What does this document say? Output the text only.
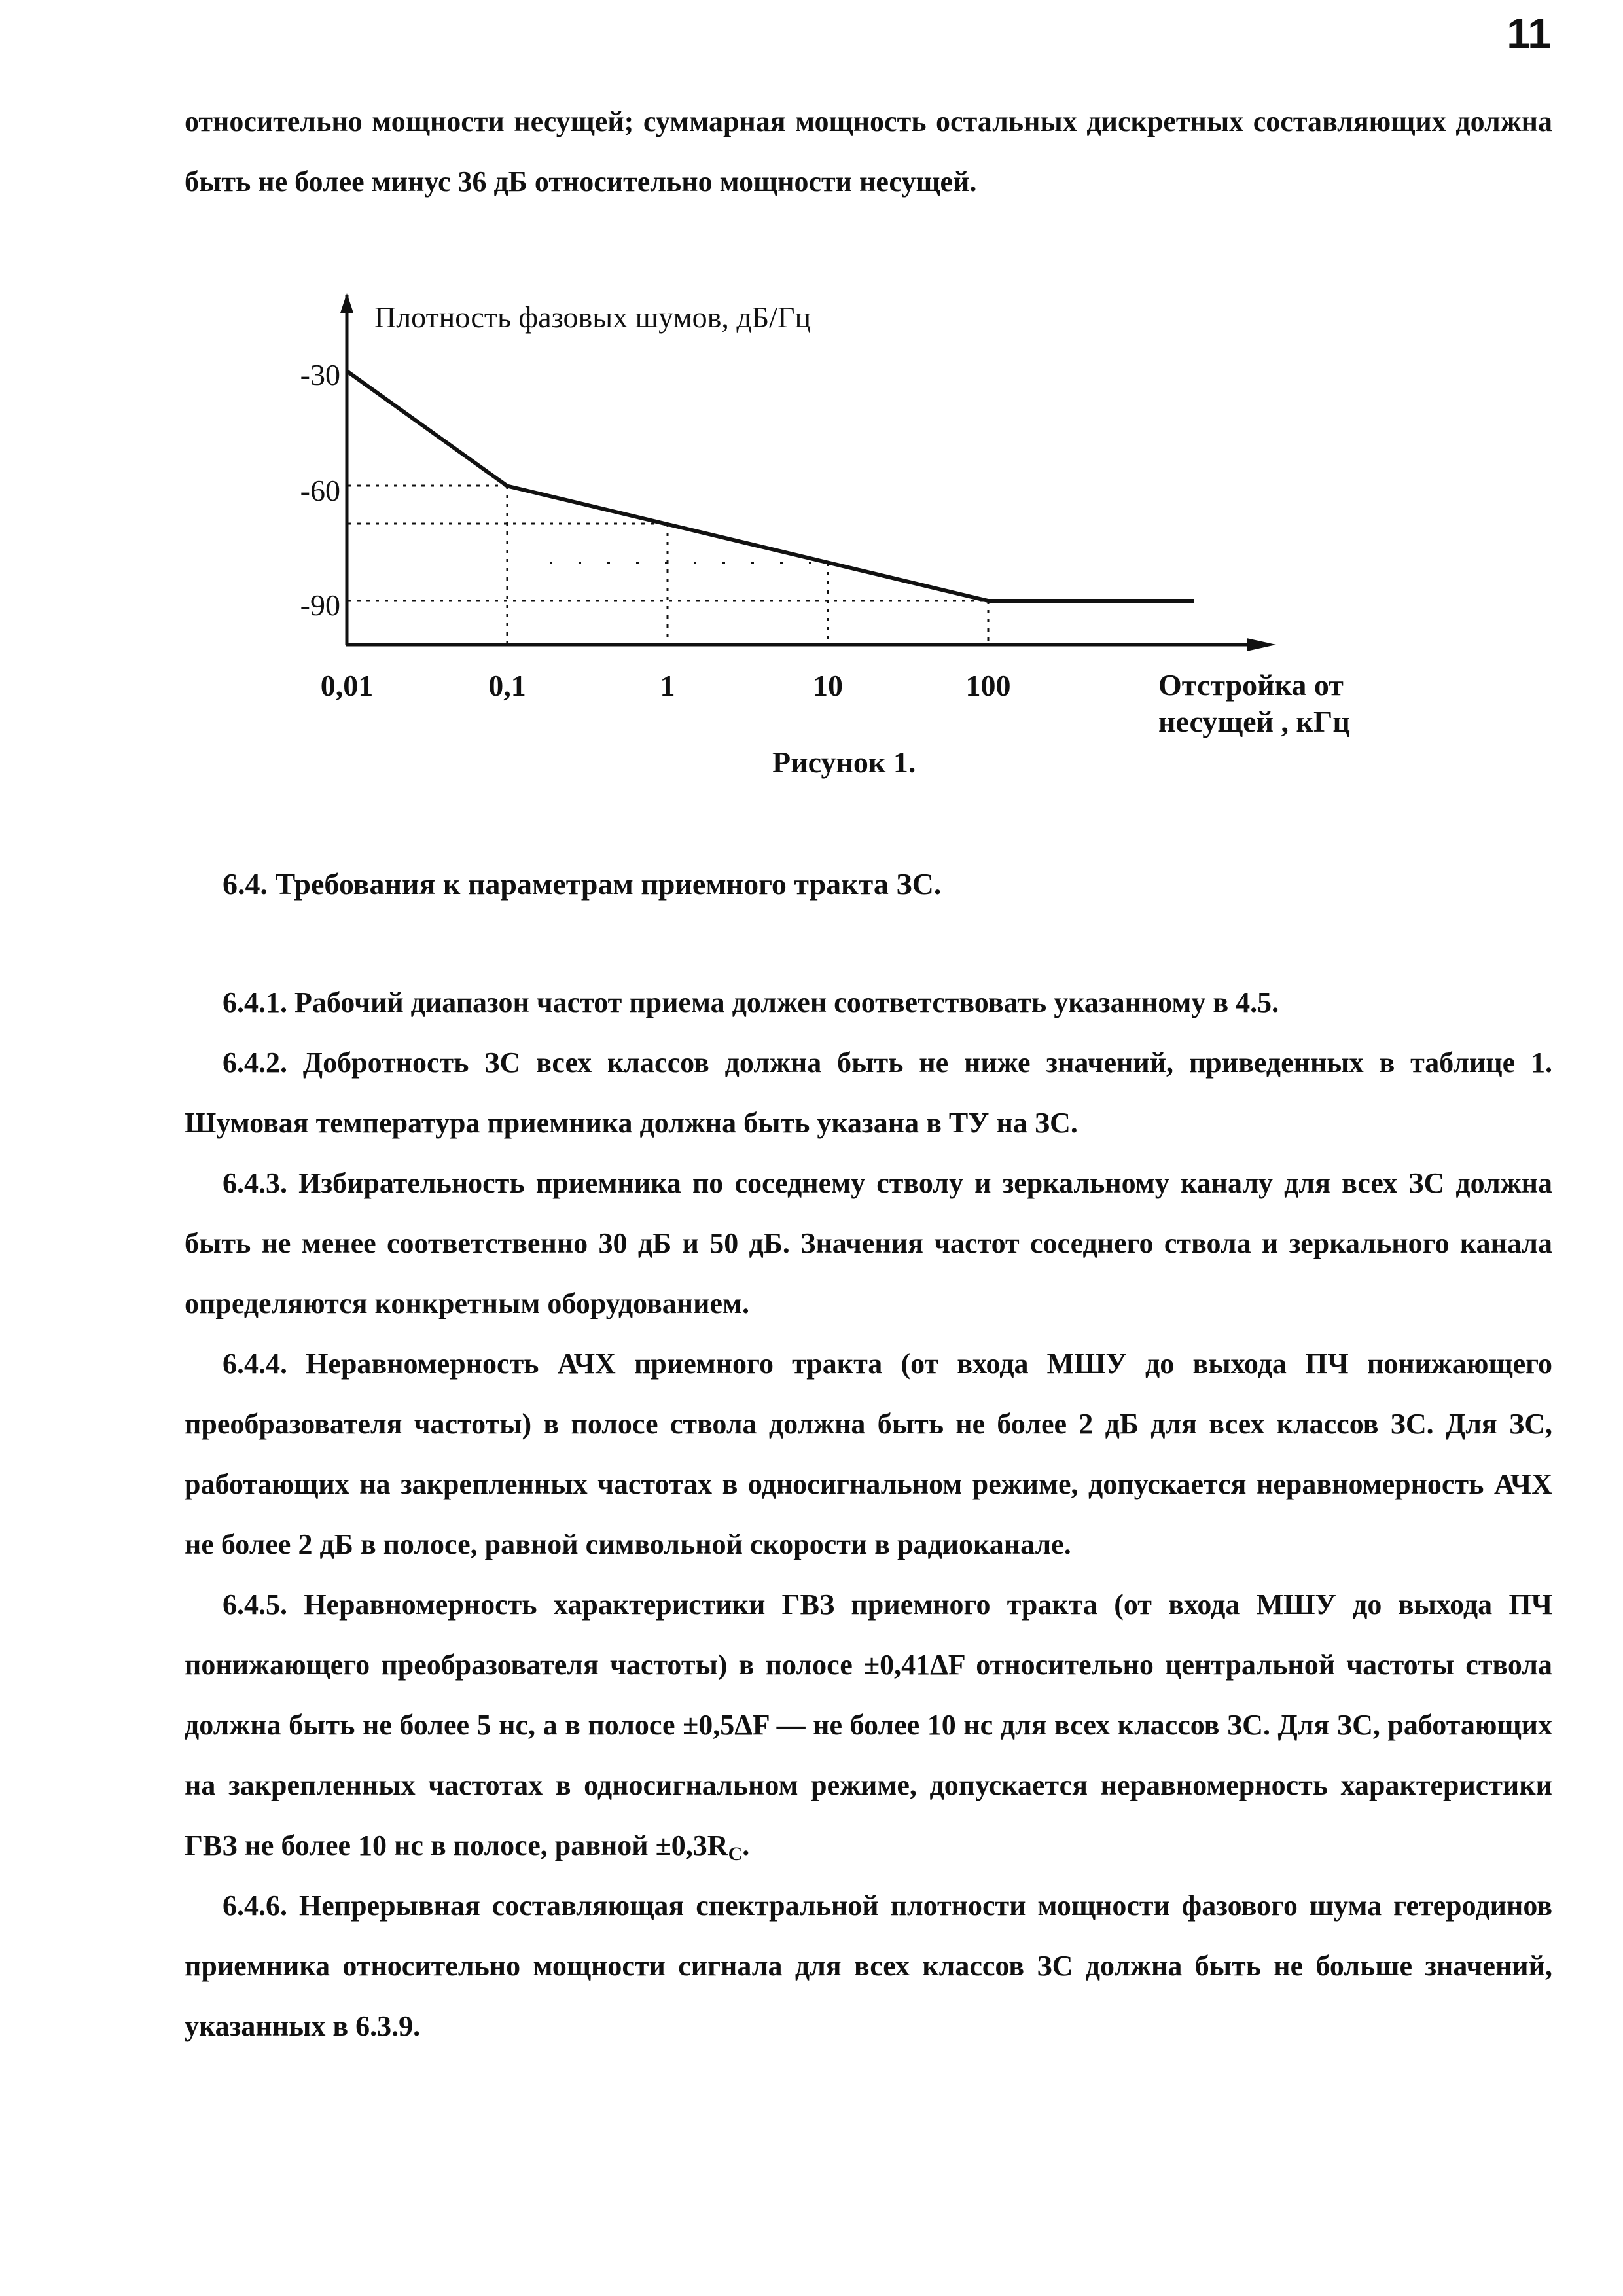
11

относительно мощности несущей; суммарная мощность остальных дискретных составляющих должна быть не более минус 36 дБ относительно мощности несущей.

Плотность фазовых шумов, дБ/Гц
Отстройка от
несущей , кГц
-30
-60
-90
0,01	0,1	1	10	100
Рисунок 1.
6.4. Требования к параметрам приемного тракта ЗС.

6.4.1. Рабочий диапазон частот приема должен соответствовать указанному в 4.5.

6.4.2. Добротность ЗС всех классов должна быть не ниже значений, приведенных в таблице 1. Шумовая температура приемника должна быть указана в ТУ на ЗС.

6.4.3. Избирательность приемника по соседнему стволу и зеркальному каналу для всех ЗС должна быть не менее соответственно 30 дБ и 50 дБ. Значения частот соседнего ствола и зеркального канала определяются конкретным оборудованием.

6.4.4. Неравномерность АЧХ приемного тракта (от входа МШУ до выхода ПЧ понижающего преобразователя частоты) в полосе ствола должна быть не более 2 дБ для всех классов ЗС. Для ЗС, работающих на закрепленных частотах в односигнальном режиме, допускается неравномерность АЧХ не более 2 дБ в полосе, равной символьной скорости в радиоканале.

6.4.5. Неравномерность характеристики ГВЗ приемного тракта (от входа МШУ до выхода ПЧ понижающего преобразователя частоты) в полосе ±0,41ΔF относительно центральной частоты ствола должна быть не более 5 нс, а в полосе ±0,5ΔF — не более 10 нс для всех классов ЗС. Для ЗС, работающих на закрепленных частотах в односигнальном режиме, допускается неравномерность характеристики ГВЗ не более 10 нс в полосе, равной $\pm 0,3R_C$.

6.4.6. Непрерывная составляющая спектральной плотности мощности фазового шума гетеродинов приемника относительно мощности сигнала для всех классов ЗС должна быть не больше значений, указанных в 6.3.9.
